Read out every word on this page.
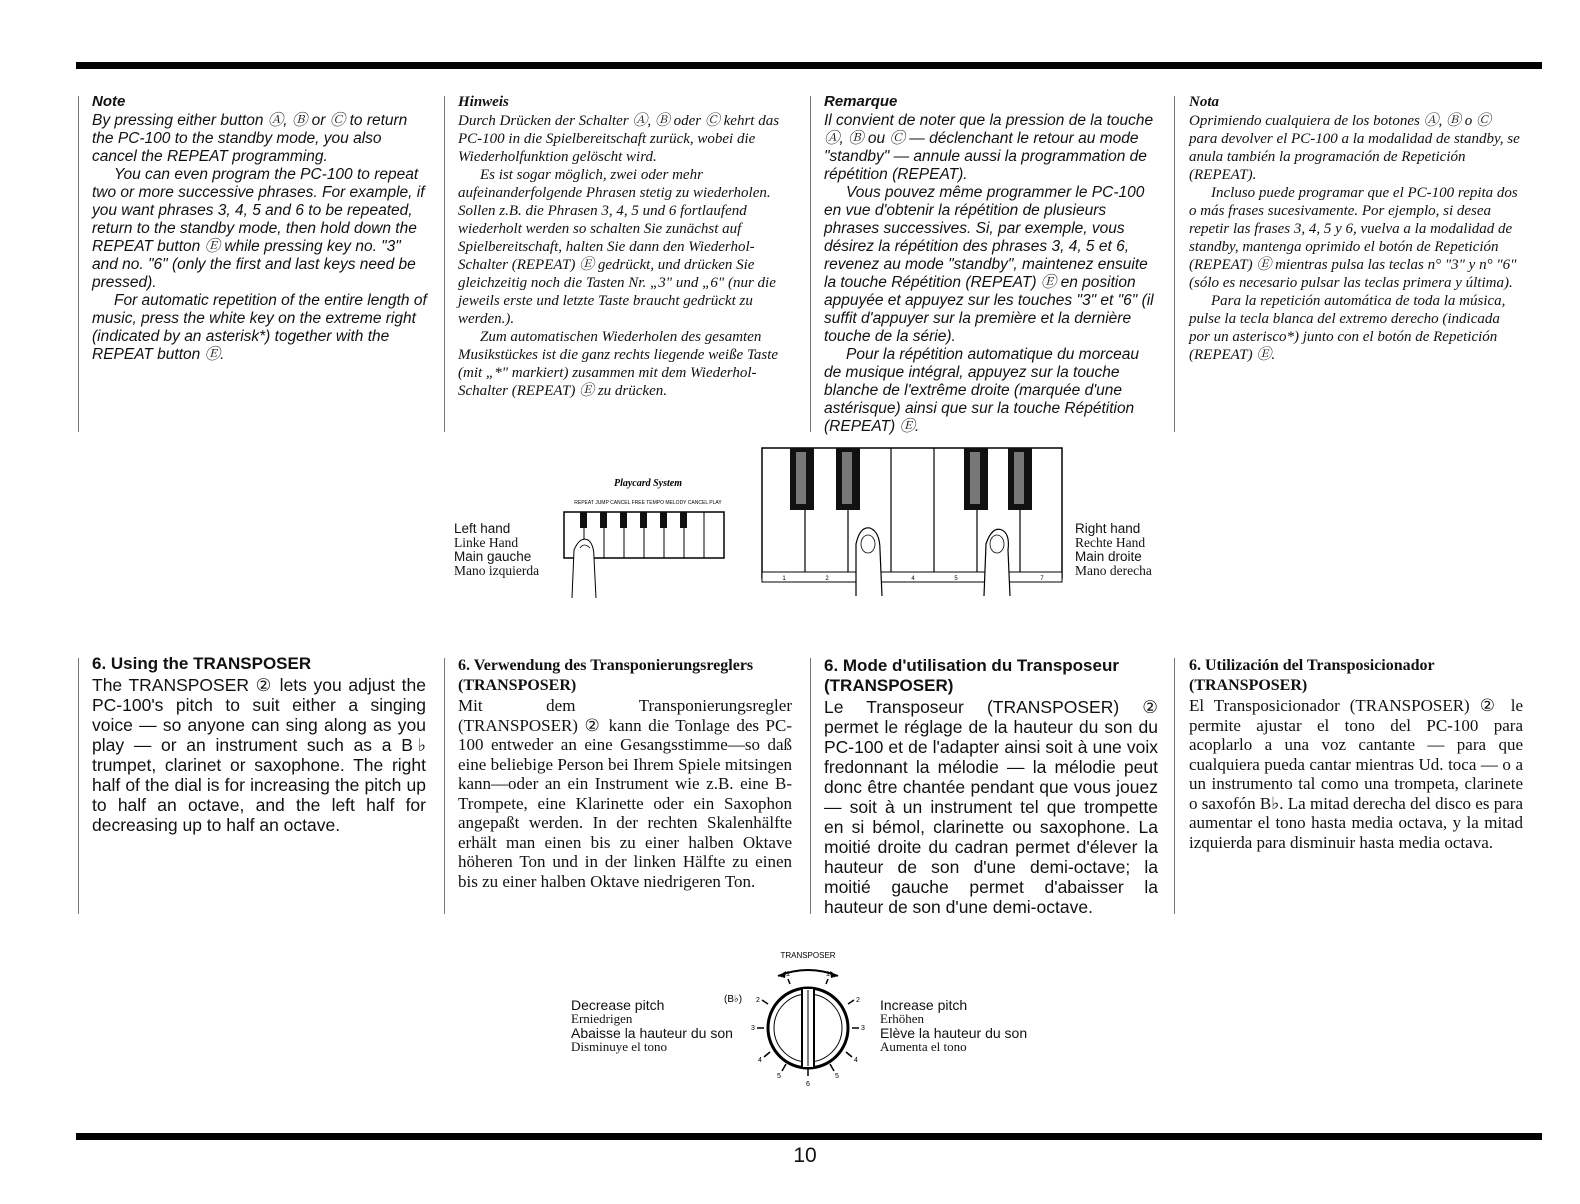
Note

By pressing either button Ⓐ, Ⓑ or Ⓒ to return the PC-100 to the standby mode, you also cancel the REPEAT programming.

You can even program the PC-100 to repeat two or more successive phrases. For example, if you want phrases 3, 4, 5 and 6 to be repeated, return to the standby mode, then hold down the REPEAT button Ⓔ while pressing key no. "3" and no. "6" (only the first and last keys need be pressed).

For automatic repetition of the entire length of music, press the white key on the extreme right (indicated by an asterisk*) together with the REPEAT button Ⓔ.

Hinweis

Durch Drücken der Schalter Ⓐ, Ⓑ oder Ⓒ kehrt das PC-100 in die Spielbereitschaft zurück, wobei die Wiederholfunktion gelöscht wird.

Es ist sogar möglich, zwei oder mehr aufeinanderfolgende Phrasen stetig zu wiederholen. Sollen z.B. die Phrasen 3, 4, 5 und 6 fortlaufend wiederholt werden so schalten Sie zunächst auf Spielbereitschaft, halten Sie dann den Wiederhol-Schalter (REPEAT) Ⓔ gedrückt, und drücken Sie gleichzeitig noch die Tasten Nr. „3" und „6" (nur die jeweils erste und letzte Taste braucht gedrückt zu werden.).

Zum automatischen Wiederholen des gesamten Musikstückes ist die ganz rechts liegende weiße Taste (mit „*" markiert) zusammen mit dem Wiederhol-Schalter (REPEAT) Ⓔ zu drücken.

Remarque

Il convient de noter que la pression de la touche Ⓐ, Ⓑ ou Ⓒ — déclenchant le retour au mode "standby" — annule aussi la programmation de répétition (REPEAT).

Vous pouvez même programmer le PC-100 en vue d'obtenir la répétition de plusieurs phrases successives. Si, par exemple, vous désirez la répétition des phrases 3, 4, 5 et 6, revenez au mode "standby", maintenez ensuite la touche Répétition (REPEAT) Ⓔ en position appuyée et appuyez sur les touches "3" et "6" (il suffit d'appuyer sur la première et la dernière touche de la série).

Pour la répétition automatique du morceau de musique intégral, appuyez sur la touche blanche de l'extrême droite (marquée d'une astérisque) ainsi que sur la touche Répétition (REPEAT) Ⓔ.

Nota

Oprimiendo cualquiera de los botones Ⓐ, Ⓑ o Ⓒ para devolver el PC-100 a la modalidad de standby, se anula también la programación de Repetición (REPEAT).

Incluso puede programar que el PC-100 repita dos o más frases sucesivamente. Por ejemplo, si desea repetir las frases 3, 4, 5 y 6, vuelva a la modalidad de standby, mantenga oprimido el botón de Repetición (REPEAT) Ⓔ mientras pulsa las teclas n° "3" y n° "6" (sólo es necesario pulsar las teclas primera y última).

Para la repetición automática de toda la música, pulse la tecla blanca del extremo derecho (indicada por un asterisco*) junto con el botón de Repetición (REPEAT) Ⓔ.

Left hand
Linke Hand
Main gauche
Mano izquierda
Right hand
Rechte Hand
Main droite
Mano derecha
Playcard System
REPEAT JUMP CANCEL FREE TEMPO MELODY CANCEL PLAY
1	2	4	5	7
6. Using the TRANSPOSER

The TRANSPOSER ② lets you adjust the PC-100's pitch to suit either a singing voice — so anyone can sing along as you play — or an instrument such as a B♭ trumpet, clarinet or saxophone. The right half of the dial is for increasing the pitch up to half an octave, and the left half for decreasing up to half an octave.

6. Verwendung des Transponierungsreglers (TRANSPOSER)

Mit dem Transponierungsregler (TRANSPOSER) ② kann die Tonlage des PC-100 entweder an eine Gesangsstimme—so daß eine beliebige Person bei Ihrem Spiele mitsingen kann—oder an ein Instrument wie z.B. eine B-Trompete, eine Klarinette oder ein Saxophon angepaßt werden. In der rechten Skalenhälfte erhält man einen bis zu einer halben Oktave höheren Ton und in der linken Hälfte zu einen bis zu einer halben Oktave niedrigeren Ton.

6. Mode d'utilisation du Transposeur (TRANSPOSER)

Le Transposeur (TRANSPOSER) ② permet le réglage de la hauteur du son du PC-100 et de l'adapter ainsi soit à une voix fredonnant la mélodie — la mélodie peut donc être chantée pendant que vous jouez — soit à un instrument tel que trompette en si bémol, clarinette ou saxophone. La moitié droite du cadran permet d'élever la hauteur de son d'une demi-octave; la moitié gauche permet d'abaisser la hauteur de son d'une demi-octave.

6. Utilización del Transposicionador (TRANSPOSER)

El Transposicionador (TRANSPOSER) ② le permite ajustar el tono del PC-100 para acoplarlo a una voz cantante — para que cualquiera pueda cantar mientras Ud. toca — o a un instrumento tal como una trompeta, clarinete o saxofón B♭. La mitad derecha del disco es para aumentar el tono hasta media octava, y la mitad izquierda para disminuir hasta media octava.

Decrease pitch
Erniedrigen
Abaisse la hauteur du son
Disminuye el tono
Increase pitch
Erhöhen
Elève la hauteur du son
Aumenta el tono
TRANSPOSER
(B♭) 2
3
4
5
6
2
3
4
5
1	1
10
